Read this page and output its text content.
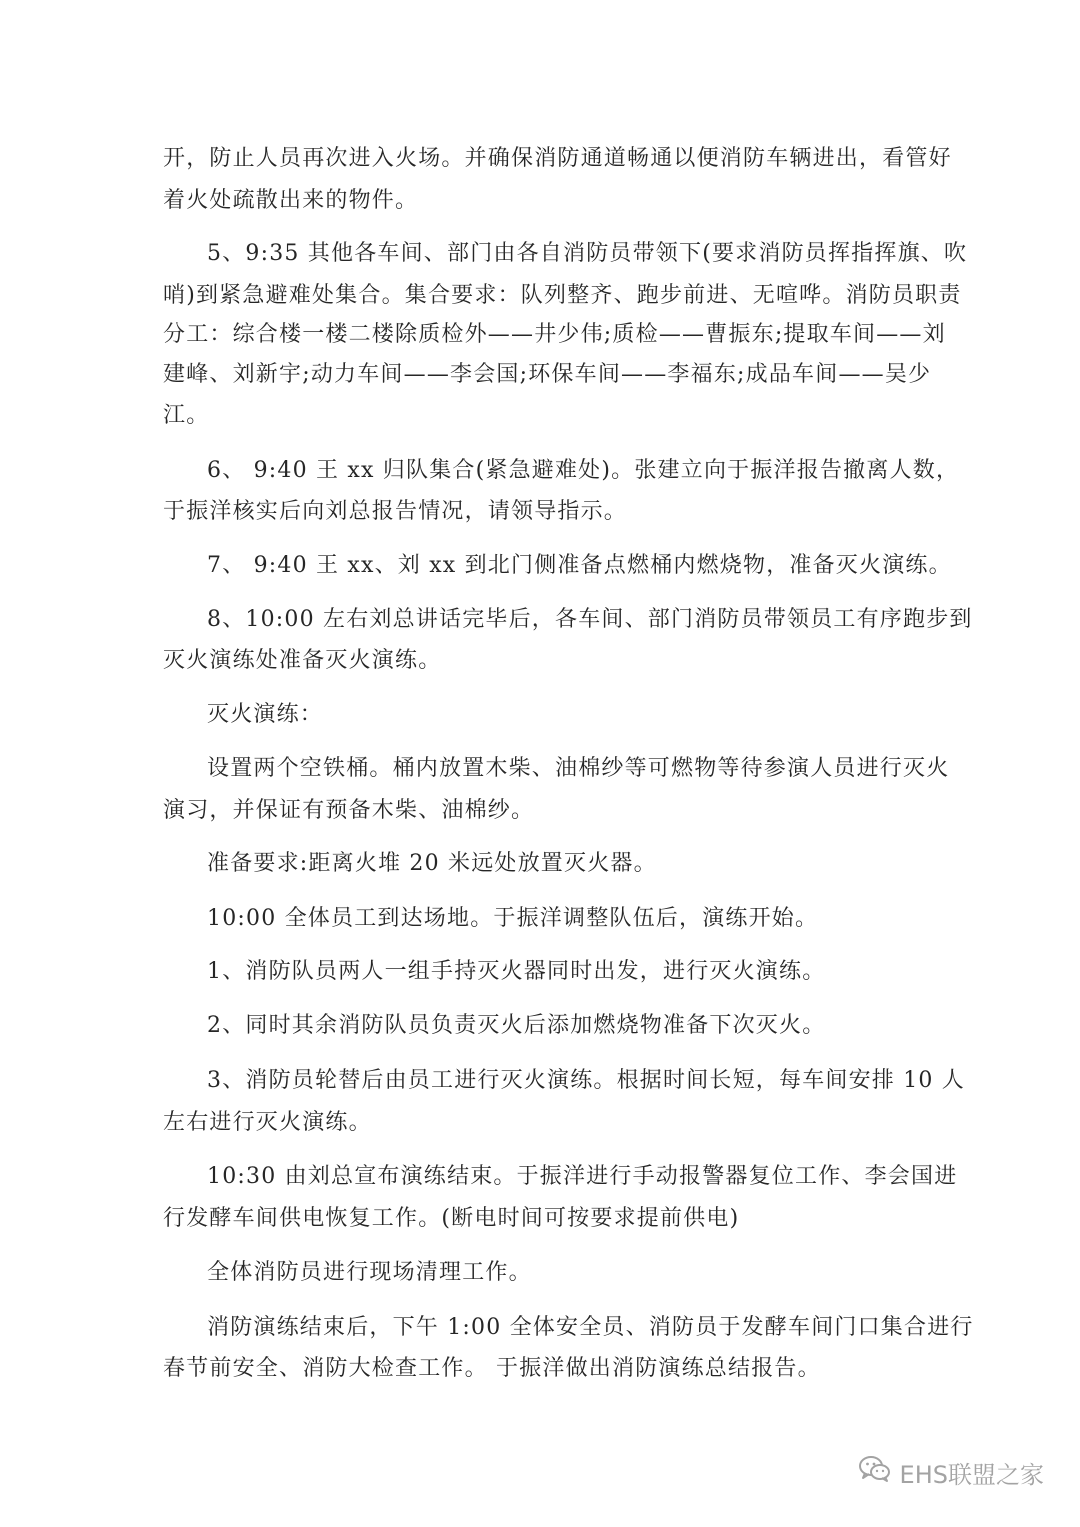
开，防止人员再次进入火场。并确保消防通道畅通以便消防车辆进出，看管好
着火处疏散出来的物件。
5、9:35 其他各车间、部门由各自消防员带领下(要求消防员挥指挥旗、吹
哨)到紧急避难处集合。集合要求：队列整齐、跑步前进、无喧哗。消防员职责
分工：综合楼一楼二楼除质检外——井少伟;质检——曹振东;提取车间——刘
建峰、刘新宇;动力车间——李会国;环保车间——李福东;成品车间——吴少
江。
6、 9:40 王 xx 归队集合(紧急避难处)。张建立向于振洋报告撤离人数，
于振洋核实后向刘总报告情况，请领导指示。
7、 9:40 王 xx、刘 xx 到北门侧准备点燃桶内燃烧物，准备灭火演练。
8、10:00 左右刘总讲话完毕后，各车间、部门消防员带领员工有序跑步到
灭火演练处准备灭火演练。
灭火演练：
设置两个空铁桶。桶内放置木柴、油棉纱等可燃物等待参演人员进行灭火
演习，并保证有预备木柴、油棉纱。
准备要求:距离火堆 20 米远处放置灭火器。
10:00 全体员工到达场地。于振洋调整队伍后，演练开始。
1、消防队员两人一组手持灭火器同时出发，进行灭火演练。
2、同时其余消防队员负责灭火后添加燃烧物准备下次灭火。
3、消防员轮替后由员工进行灭火演练。根据时间长短，每车间安排 10 人
左右进行灭火演练。
10:30 由刘总宣布演练结束。于振洋进行手动报警器复位工作、李会国进
行发酵车间供电恢复工作。(断电时间可按要求提前供电)
全体消防员进行现场清理工作。
消防演练结束后，下午 1:00 全体安全员、消防员于发酵车间门口集合进行
春节前安全、消防大检查工作。 于振洋做出消防演练总结报告。
EHS联盟之家
